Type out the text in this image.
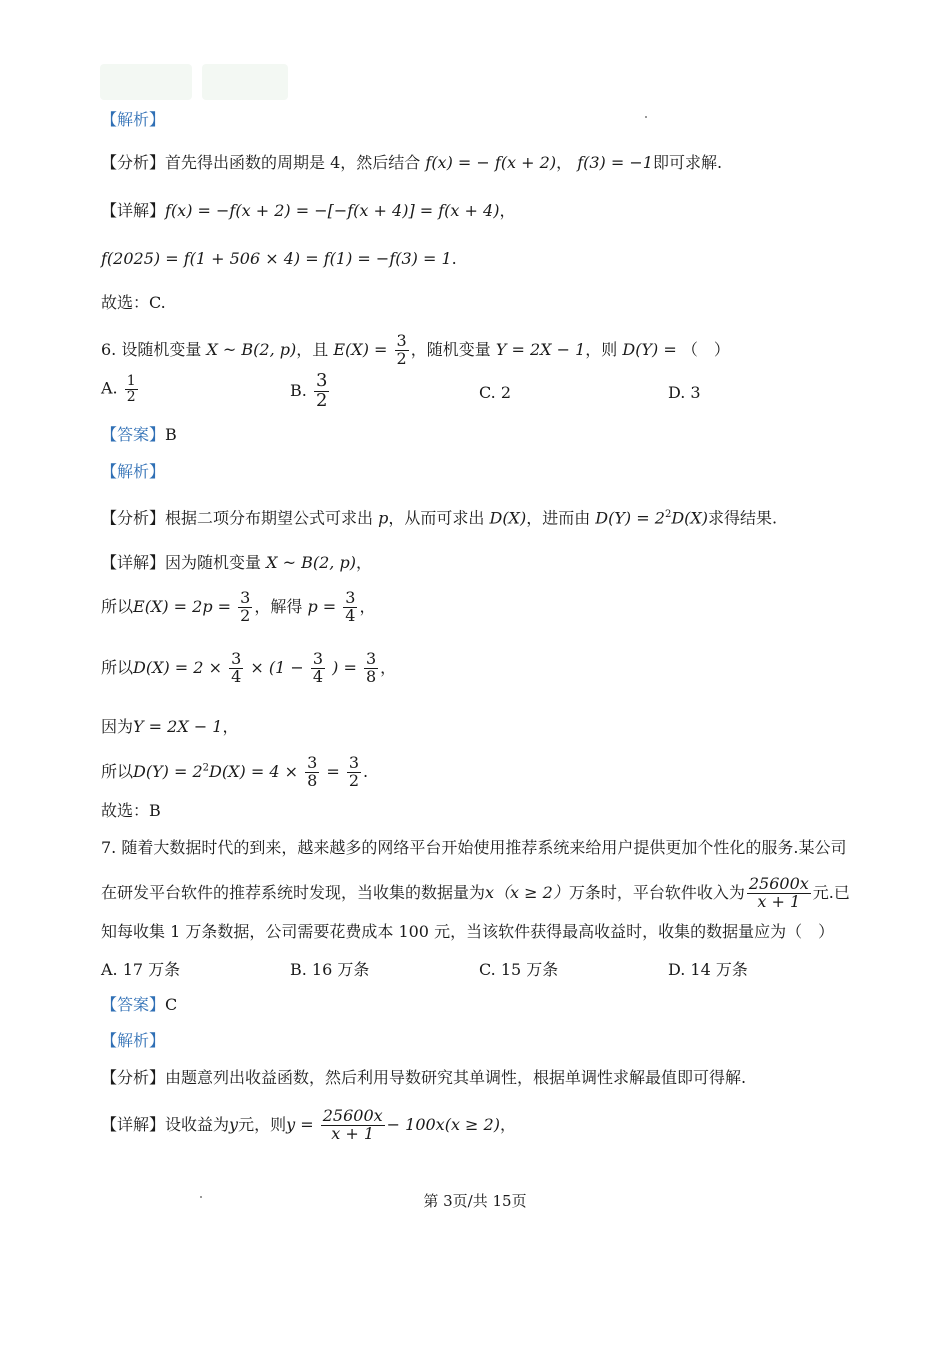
【解析】
【分析】首先得出函数的周期是 4，然后结合 f(x) = − f(x + 2)， f(3) = −1即可求解.
【详解】f(x) = −f(x + 2) = −[−f(x + 4)] = f(x + 4)，
f(2025) = f(1 + 506 × 4) = f(1) = −f(3) = 1.
故选：C.
6. 设随机变量 X ~ B(2, p)，且 $E(X) = \frac{3}{2}$ ，随机变量 Y = 2X − 1，则 D(Y) = （　）
A. $\frac{1}{2}$	B. $\frac{3}{2}$	C. 2	D. 3
【答案】B
【解析】
【分析】根据二项分布期望公式可求出 p，从而可求出 D(X)，进而由 $D(Y) = 2^2D(X)$求得结果.
【详解】因为随机变量 X ~ B(2, p)，
所以$E(X) = 2p = \frac{3}{2}$ ，解得 $p = \frac{3}{4}$ ，
所以$D(X) = 2 \times \frac{3}{4} \times (1 - \frac{3}{4}$ ) = $\frac{3}{8}$ ，
因为Y = 2X − 1，
所以$D(Y) = 2^2D(X) = 4 \times \frac{3}{8} = \frac{3}{2}$ .
故选：B
7. 随着大数据时代的到来，越来越多的网络平台开始使用推荐系统来给用户提供更加个性化的服务.某公司
在研发平台软件的推荐系统时发现，当收集的数据量为x（x ≥ 2）万条时，平台软件收入为 $\frac{25600x}{x + 1}$ 元.已
知每收集 1 万条数据，公司需要花费成本 100 元，当该软件获得最高收益时，收集的数据量应为（　）
A. 17 万条	B. 16 万条	C. 15 万条	D. 14 万条
【答案】C
【解析】
【分析】由题意列出收益函数，然后利用导数研究其单调性，根据单调性求解最值即可得解.
【详解】设收益为y元，则$y = \frac{25600x}{x + 1} - 100x(x \ge 2)$，
第 3页/共 15页
